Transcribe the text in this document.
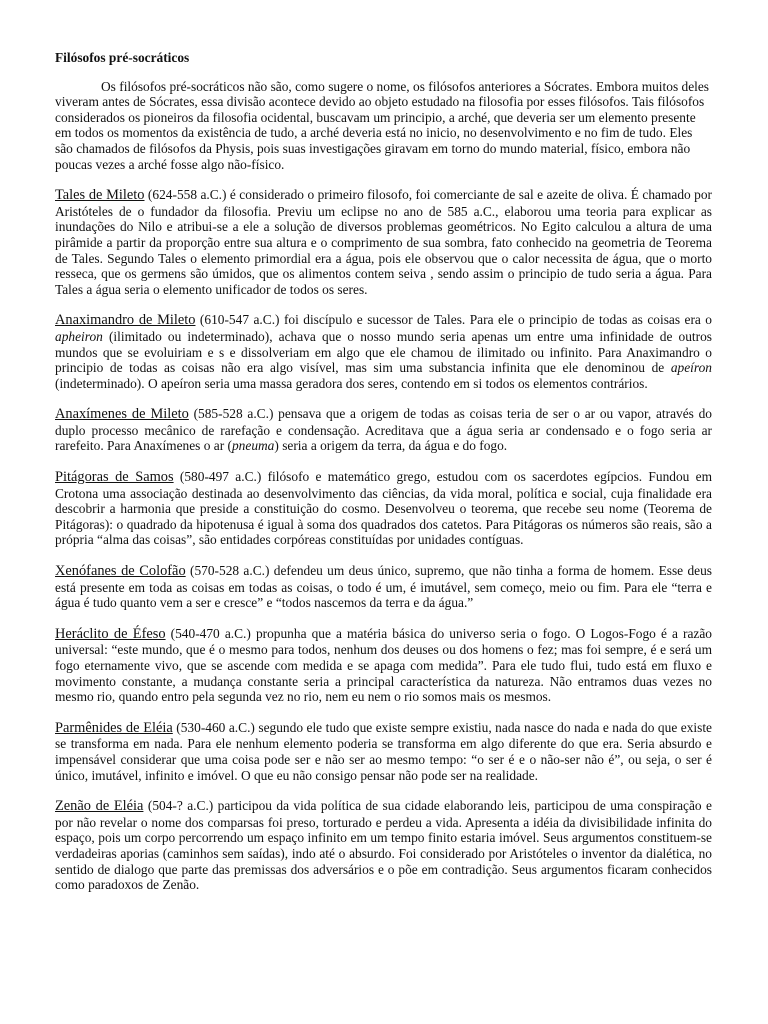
Filósofos pré-socráticos

Os filósofos pré-socráticos não são, como sugere o nome, os filósofos anteriores a Sócrates. Embora muitos deles viveram antes de Sócrates, essa divisão acontece devido ao objeto estudado na filosofia por esses filósofos. Tais filósofos considerados os pioneiros da filosofia ocidental, buscavam um principio, a arché, que deveria ser um elemento presente em todos os momentos da existência de tudo, a arché deveria está no inicio, no desenvolvimento e no fim de tudo. Eles são chamados de filósofos da Physis, pois suas investigações giravam em torno do mundo material, físico, embora não poucas vezes a arché fosse algo não-físico.

Tales de Mileto (624-558 a.C.) é considerado o primeiro filosofo, foi comerciante de sal e azeite de oliva. É chamado por Aristóteles de o fundador da filosofia. Previu um eclipse no ano de 585 a.C., elaborou uma teoria para explicar as inundações do Nilo e atribui-se a ele a solução de diversos problemas geométricos. No Egito calculou a altura de uma pirâmide a partir da proporção entre sua altura e o comprimento de sua sombra, fato conhecido na geometria de Teorema de Tales. Segundo Tales o elemento primordial era a água, pois ele observou que o calor necessita de água, que o morto resseca, que os germens são úmidos, que os alimentos contem seiva , sendo assim o principio de tudo seria a água. Para Tales a água seria o elemento unificador de todos os seres.

Anaximandro de Mileto (610-547 a.C.) foi discípulo e sucessor de Tales. Para ele o principio de todas as coisas era o apheiron (ilimitado ou indeterminado), achava que o nosso mundo seria apenas um entre uma infinidade de outros mundos que se evoluiriam e s e dissolveriam em algo que ele chamou de ilimitado ou infinito. Para Anaximandro o principio de todas as coisas não era algo visível, mas sim uma substancia infinita que ele denominou de apeíron (indeterminado). O apeíron seria uma massa geradora dos seres, contendo em si todos os elementos contrários.

Anaxímenes de Mileto (585-528 a.C.) pensava que a origem de todas as coisas teria de ser o ar ou vapor, através do duplo processo mecânico de rarefação e condensação. Acreditava que a água seria ar condensado e o fogo seria ar rarefeito. Para Anaxímenes o ar (pneuma) seria a origem da terra, da água e do fogo.

Pitágoras de Samos (580-497 a.C.) filósofo e matemático grego, estudou com os sacerdotes egípcios. Fundou em Crotona uma associação destinada ao desenvolvimento das ciências, da vida moral, política e social, cuja finalidade era descobrir a harmonia que preside a constituição do cosmo. Desenvolveu o teorema, que recebe seu nome (Teorema de Pitágoras): o quadrado da hipotenusa é igual à soma dos quadrados dos catetos. Para Pitágoras os números são reais, são a própria “alma das coisas”, são entidades corpóreas constituídas por unidades contíguas.

Xenófanes de Colofão (570-528 a.C.) defendeu um deus único, supremo, que não tinha a forma de homem. Esse deus está presente em toda as coisas em todas as coisas, o todo é um, é imutável, sem começo, meio ou fim. Para ele “terra e água é tudo quanto vem a ser e cresce” e “todos nascemos da terra e da água.”

Heráclito de Éfeso (540-470 a.C.) propunha que a matéria básica do universo seria o fogo. O Logos-Fogo é a razão universal: “este mundo, que é o mesmo para todos, nenhum dos deuses ou dos homens o fez; mas foi sempre, é e será um fogo eternamente vivo, que se ascende com medida e se apaga com medida”. Para ele tudo flui, tudo está em fluxo e movimento constante, a mudança constante seria a principal característica da natureza. Não entramos duas vezes no mesmo rio, quando entro pela segunda vez no rio, nem eu nem o rio somos mais os mesmos.

Parmênides de Eléia (530-460 a.C.) segundo ele tudo que existe sempre existiu, nada nasce do nada e nada do que existe se transforma em nada. Para ele nenhum elemento poderia se transforma em algo diferente do que era. Seria absurdo e impensável considerar que uma coisa pode ser e não ser ao mesmo tempo: “o ser é e o não-ser não é”, ou seja, o ser é único, imutável, infinito e imóvel. O que eu não consigo pensar não pode ser na realidade.

Zenão de Eléia (504-? a.C.) participou da vida política de sua cidade elaborando leis, participou de uma conspiração e por não revelar o nome dos comparsas foi preso, torturado e perdeu a vida. Apresenta a idéia da divisibilidade infinita do espaço, pois um corpo percorrendo um espaço infinito em um tempo finito estaria imóvel. Seus argumentos constituem-se verdadeiras aporias (caminhos sem saídas), indo até o absurdo. Foi considerado por Aristóteles o inventor da dialética, no sentido de dialogo que parte das premissas dos adversários e o põe em contradição. Seus argumentos ficaram conhecidos como paradoxos de Zenão.
